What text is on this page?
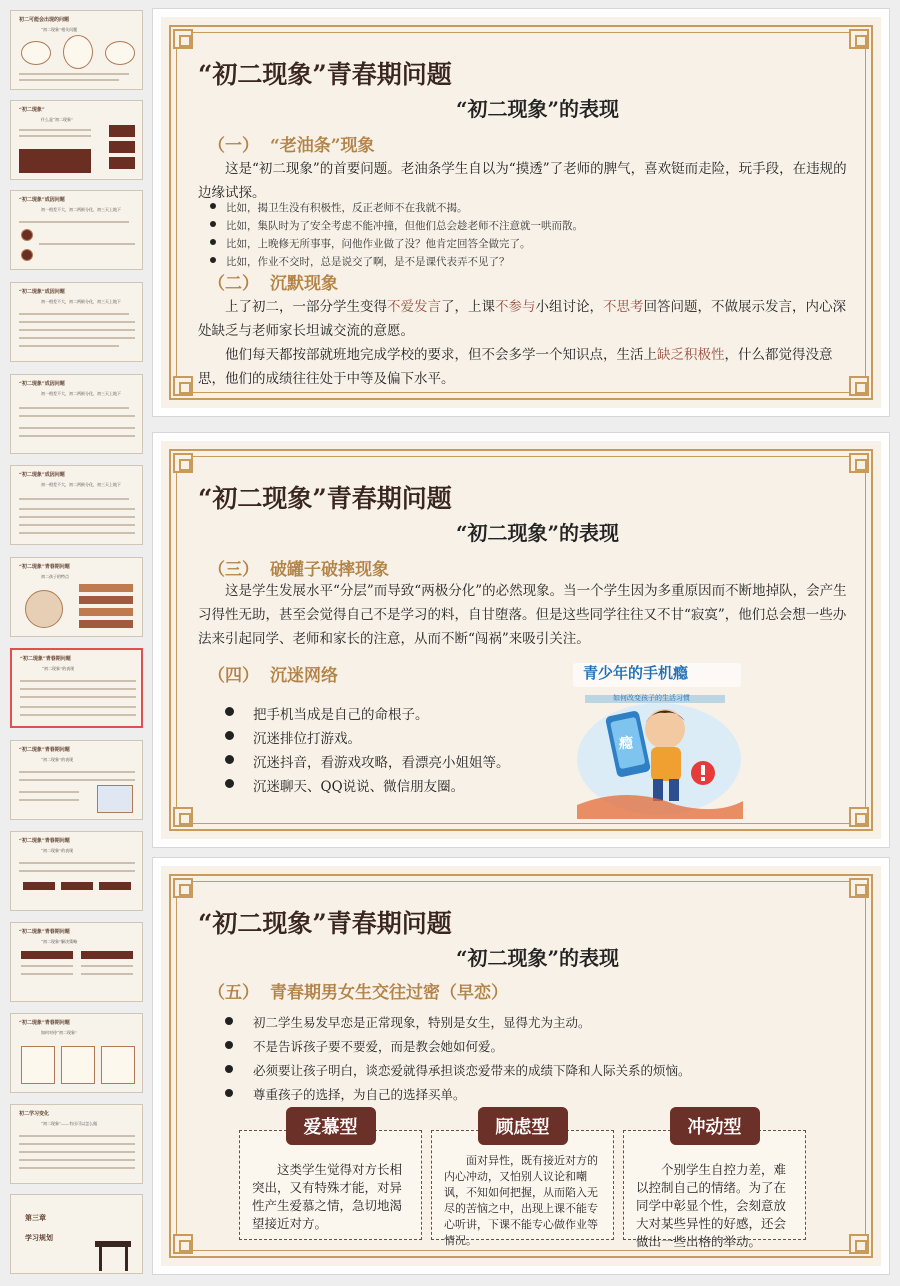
初二可能会出现的问题
“初二现象”相关问题
“初二现象”
什么是“初二现象”
“初二现象”成因问题
初一相差不大，初二两极分化，初三天上地下
“初二现象”成因问题
初一相差不大，初二两极分化，初三天上地下
“初二现象”成因问题
初一相差不大，初二两极分化，初三天上地下
“初二现象”成因问题
初一相差不大，初二两极分化，初三天上地下
“初二现象”青春期问题
初二孩子的特点
“初二现象”青春期问题
“初二现象”的表现
“初二现象”青春期问题
“初二现象”的表现
“初二现象”青春期问题
“初二现象”的表现
“初二现象”青春期问题
“初二现象”解决策略
“初二现象”青春期问题
如何对待“初二现象”
初二学习变化
“初二现象”——有出可以怎么做
第三章
学习规划
“初二现象”青春期问题
“初二现象”的表现
（一） “老油条”现象
这是“初二现象”的首要问题。老油条学生自以为“摸透”了老师的脾气，喜欢铤而走险，玩手段，在违规的边缘试探。
比如，揭卫生没有积极性，反正老师不在我就不揭。
比如，集队时为了安全考虑不能冲撞，但他们总会趁老师不注意就一哄而散。
比如，上晚修无所事事，问他作业做了没？他肯定回答全做完了。
比如，作业不交时，总是说交了啊，是不是课代表弄不见了？
（二） 沉默现象
上了初二，一部分学生变得不爱发言了，上课不参与小组讨论，不思考回答问题，不做展示发言，内心深处缺乏与老师家长坦诚交流的意愿。
他们每天都按部就班地完成学校的要求，但不会多学一个知识点，生活上缺乏积极性，什么都觉得没意思，他们的成绩往往处于中等及偏下水平。
“初二现象”青春期问题
“初二现象”的表现
（三） 破罐子破摔现象
这是学生发展水平“分层”而导致“两极分化”的必然现象。当一个学生因为多重原因而不断地掉队，会产生习得性无助，甚至会觉得自己不是学习的料，自甘堕落。但是这些同学往往又不甘“寂寞”，他们总会想一些办法来引起同学、老师和家长的注意，从而不断“闯祸”来吸引关注。
（四） 沉迷网络
把手机当成是自己的命根子。
沉迷排位打游戏。
沉迷抖音，看游戏攻略，看漂亮小姐姐等。
沉迷聊天、QQ说说、微信朋友圈。
青少年的手机瘾
如何改变孩子的生活习惯
瘾
“初二现象”青春期问题
“初二现象”的表现
（五） 青春期男女生交往过密（早恋）
初二学生易发早恋是正常现象，特别是女生，显得尤为主动。
不是告诉孩子要不要爱，而是教会她如何爱。
必须要让孩子明白，谈恋爱就得承担谈恋爱带来的成绩下降和人际关系的烦恼。
尊重孩子的选择，为自己的选择买单。
爱慕型
这类学生觉得对方长相突出，又有特殊才能，对异性产生爱慕之情，急切地渴望接近对方。
顾虑型
面对异性，既有接近对方的内心冲动，又怕别人议论和嘲讽，不知如何把握，从而陷入无尽的苦恼之中，出现上课不能专心听讲，下课不能专心做作业等情况。
冲动型
个别学生自控力差，难以控制自己的情绪。为了在同学中彰显个性，会刻意放大对某些异性的好感，还会做出一些出格的举动。
